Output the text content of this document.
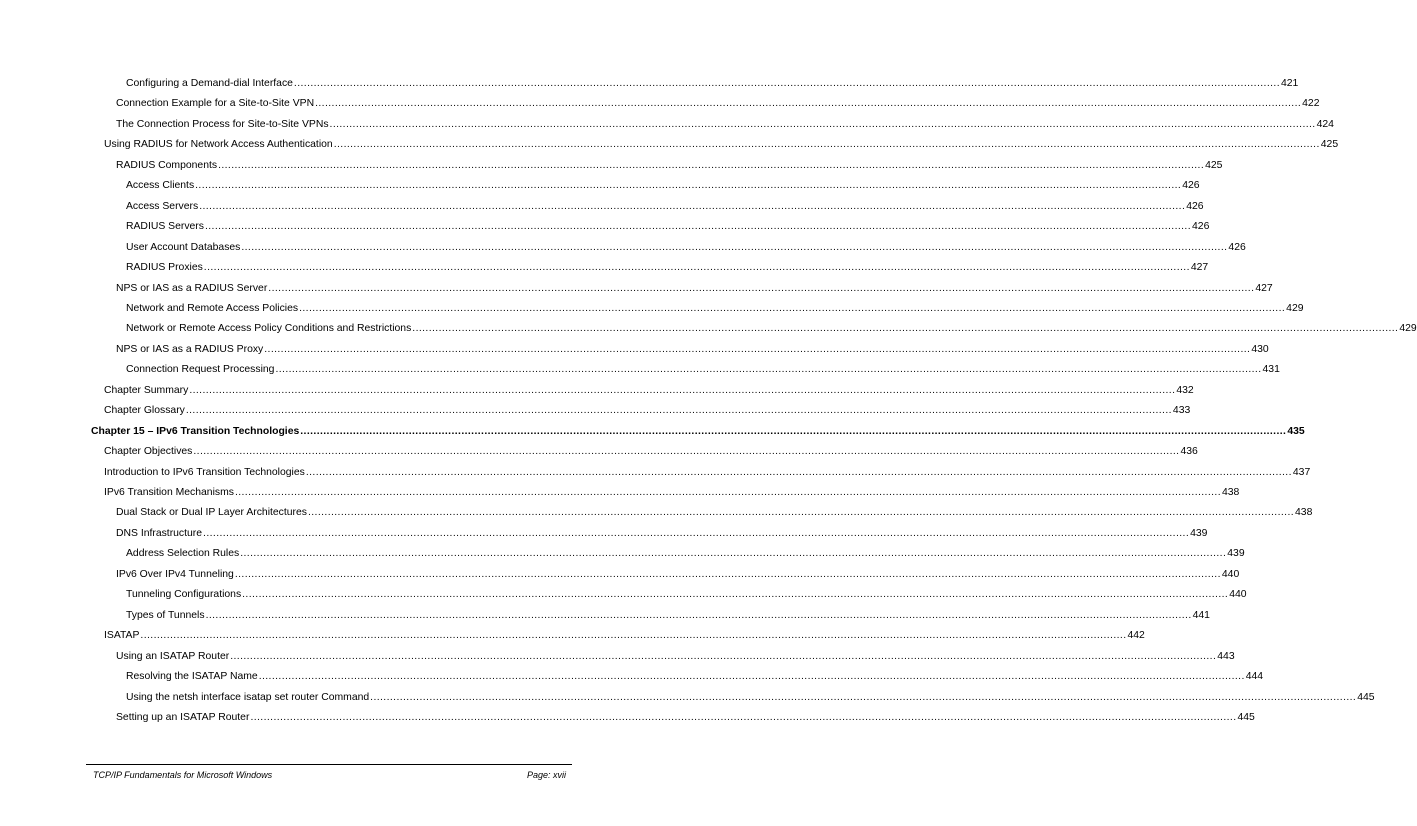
Configuring a Demand-dial Interface ............................................................................................................................................................................................................................................................................................................ 421
Connection Example for a Site-to-Site VPN ............................................................................................................................................................................................................................................................................................................ 422
The Connection Process for Site-to-Site VPNs ............................................................................................................................................................................................................................................................................................................ 424
Using RADIUS for Network Access Authentication ............................................................................................................................................................................................................................................................................................................ 425
RADIUS Components ............................................................................................................................................................................................................................................................................................................ 425
Access Clients ............................................................................................................................................................................................................................................................................................................ 426
Access Servers ............................................................................................................................................................................................................................................................................................................ 426
RADIUS Servers ............................................................................................................................................................................................................................................................................................................ 426
User Account Databases ............................................................................................................................................................................................................................................................................................................ 426
RADIUS Proxies ............................................................................................................................................................................................................................................................................................................ 427
NPS or IAS as a RADIUS Server ............................................................................................................................................................................................................................................................................................................ 427
Network and Remote Access Policies ............................................................................................................................................................................................................................................................................................................ 429
Network or Remote Access Policy Conditions and Restrictions ............................................................................................................................................................................................................................................................................................................ 429
NPS or IAS as a RADIUS Proxy ............................................................................................................................................................................................................................................................................................................ 430
Connection Request Processing ............................................................................................................................................................................................................................................................................................................ 431
Chapter Summary ............................................................................................................................................................................................................................................................................................................ 432
Chapter Glossary ............................................................................................................................................................................................................................................................................................................ 433
Chapter 15 – IPv6 Transition Technologies ............................................................................................................................................................................................................................................................................................................ 435
Chapter Objectives ............................................................................................................................................................................................................................................................................................................ 436
Introduction to IPv6 Transition Technologies ............................................................................................................................................................................................................................................................................................................ 437
IPv6 Transition Mechanisms ............................................................................................................................................................................................................................................................................................................ 438
Dual Stack or Dual IP Layer Architectures ............................................................................................................................................................................................................................................................................................................ 438
DNS Infrastructure ............................................................................................................................................................................................................................................................................................................ 439
Address Selection Rules ............................................................................................................................................................................................................................................................................................................ 439
IPv6 Over IPv4 Tunneling ............................................................................................................................................................................................................................................................................................................ 440
Tunneling Configurations ............................................................................................................................................................................................................................................................................................................ 440
Types of Tunnels ............................................................................................................................................................................................................................................................................................................ 441
ISATAP ............................................................................................................................................................................................................................................................................................................ 442
Using an ISATAP Router ............................................................................................................................................................................................................................................................................................................ 443
Resolving the ISATAP Name ............................................................................................................................................................................................................................................................................................................ 444
Using the netsh interface isatap set router Command ............................................................................................................................................................................................................................................................................................................ 445
Setting up an ISATAP Router ............................................................................................................................................................................................................................................................................................................ 445
TCP/IP Fundamentals for Microsoft Windows	Page: xvii
